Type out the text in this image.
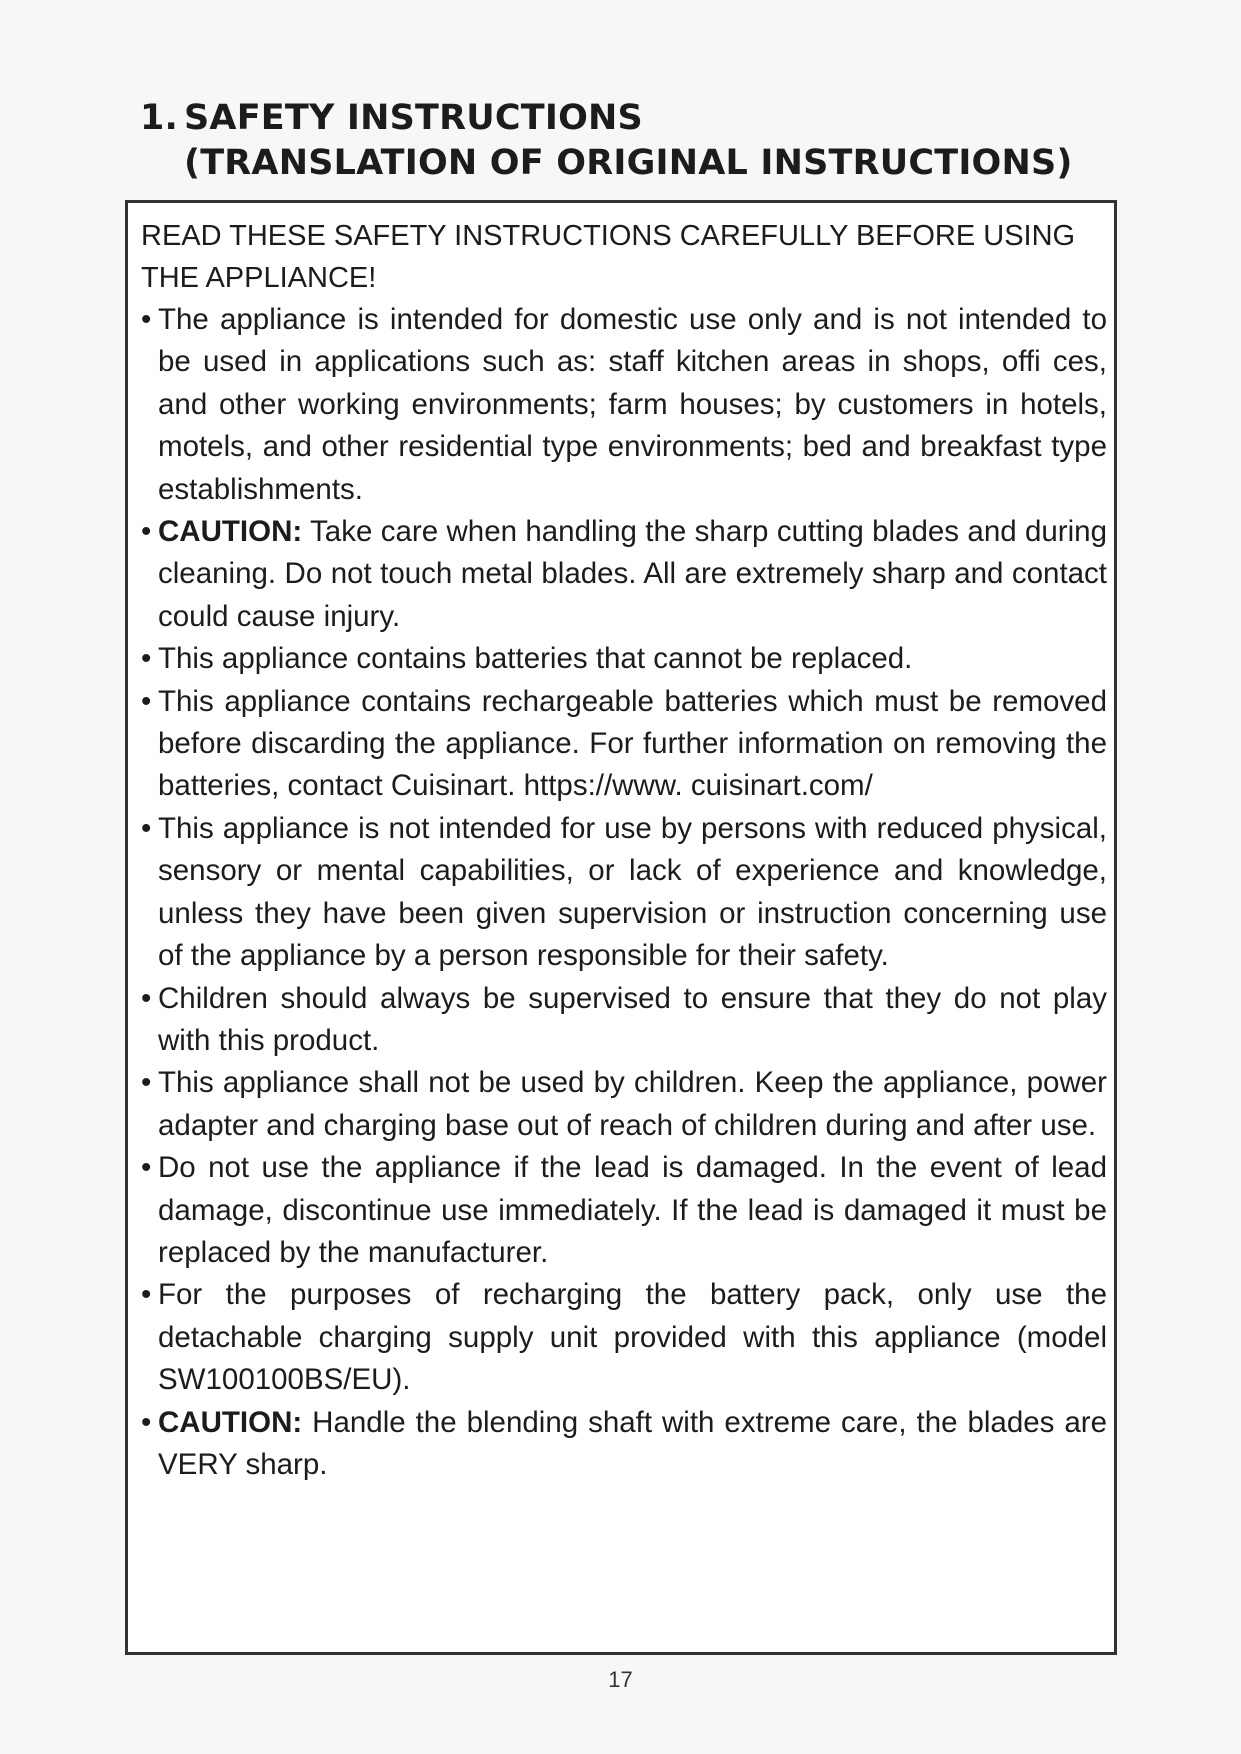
1. SAFETY INSTRUCTIONS
(TRANSLATION OF ORIGINAL INSTRUCTIONS)
READ THESE SAFETY INSTRUCTIONS CAREFULLY BEFORE USING THE APPLIANCE!
• The appliance is intended for domestic use only and is not intended to be used in applications such as: staff kitchen areas in shops, offi ces, and other working environments; farm houses; by customers in hotels, motels, and other residential type environments; bed and breakfast type establishments.
• CAUTION: Take care when handling the sharp cutting blades and during cleaning. Do not touch metal blades. All are extremely sharp and contact could cause injury.
• This appliance contains batteries that cannot be replaced.
• This appliance contains rechargeable batteries which must be removed before discarding the appliance. For further information on removing the batteries, contact Cuisinart. https://www. cuisinart.com/
• This appliance is not intended for use by persons with reduced physical, sensory or mental capabilities, or lack of experience and knowledge, unless they have been given supervision or instruction concerning use of the appliance by a person responsible for their safety.
• Children should always be supervised to ensure that they do not play with this product.
• This appliance shall not be used by children. Keep the appliance, power adapter and charging base out of reach of children during and after use.
• Do not use the appliance if the lead is damaged. In the event of lead damage, discontinue use immediately. If the lead is damaged it must be replaced by the manufacturer.
• For the purposes of recharging the battery pack, only use the detachable charging supply unit provided with this appliance (model SW100100BS/EU).
• CAUTION: Handle the blending shaft with extreme care, the blades are VERY sharp.
17
